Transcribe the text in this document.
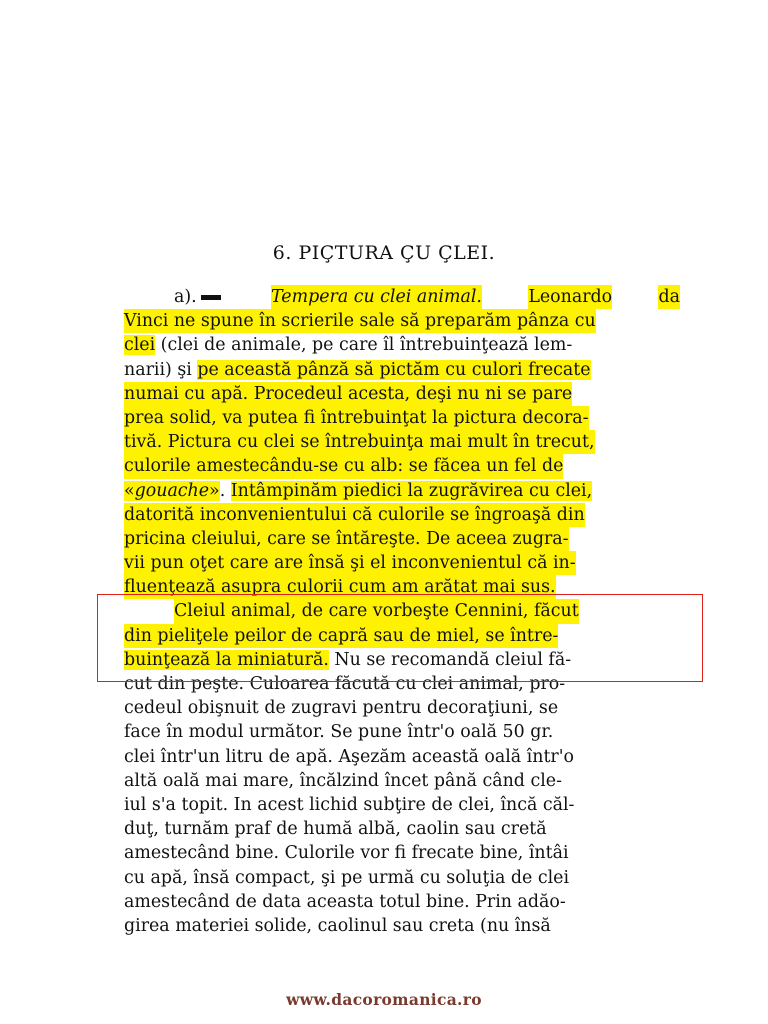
6. PIÇTURA ÇU ÇLEI.
a).	Tempera cu clei animal.	Leonardo	da
Vinci ne spune în scrierile sale să preparăm pânza cu
clei (clei de animale, pe care îl întrebuinţează lem-
narii) şi pe această pânză să pictăm cu culori frecate
numai cu apă. Procedeul acesta, deşi nu ni se pare
prea solid, va putea fi întrebuinţat la pictura decora-
tivă. Pictura cu clei se întrebuinţa mai mult în trecut,
culorile amestecându-se cu alb: se făcea un fel de
«gouache». Intâmpinăm piedici la zugrăvirea cu clei,
datorită inconvenientului că culorile se îngroaşă din
pricina cleiului, care se întăreşte. De aceea zugra-
vii pun oţet care are însă şi el inconvenientul că in-
fluenţează asupra culorii cum am arătat mai sus.
Cleiul animal, de care vorbeşte Cennini, făcut
din pieliţele peilor de capră sau de miel, se între-
buinţează la miniatură. Nu se recomandă cleiul fă-
cut din peşte. Culoarea făcută cu clei animal, pro-
cedeul obişnuit de zugravi pentru decoraţiuni, se
face în modul următor. Se pune într'o oală 50 gr.
clei într'un litru de apă. Aşezăm această oală într'o
altă oală mai mare, încălzind încet până când cle-
iul s'a topit. In acest lichid subţire de clei, încă căl-
duţ, turnăm praf de humă albă, caolin sau cretă
amestecând bine. Culorile vor fi frecate bine, întâi
cu apă, însă compact, şi pe urmă cu soluţia de clei
amestecând de data aceasta totul bine. Prin adăo-
girea materiei solide, caolinul sau creta (nu însă
www.dacoromanica.ro
